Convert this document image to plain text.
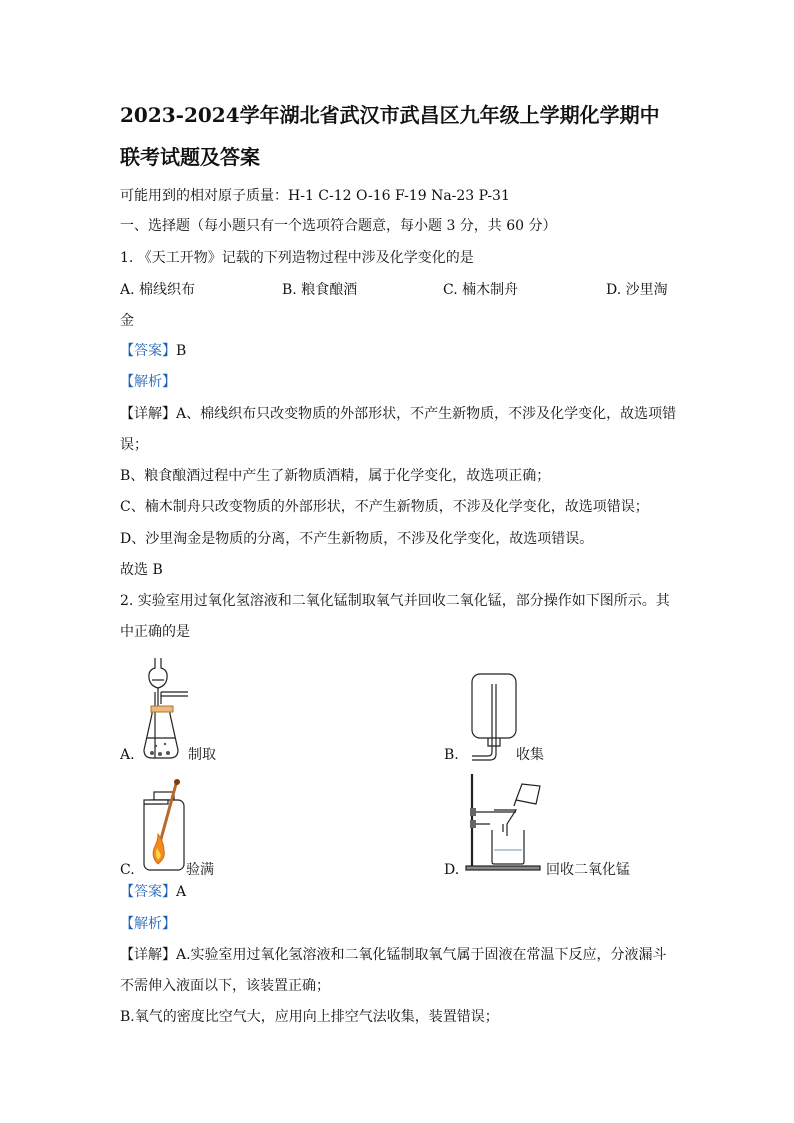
2023-2024学年湖北省武汉市武昌区九年级上学期化学期中
联考试题及答案
可能用到的相对原子质量：H-1 C-12 O-16 F-19 Na-23 P-31
一、选择题（每小题只有一个选项符合题意，每小题 3 分，共 60 分）
1. 《天工开物》记载的下列造物过程中涉及化学变化的是
A. 棉线织布	B. 粮食酿酒	C. 楠木制舟	D. 沙里淘
金
【答案】B
【解析】
【详解】A、棉线织布只改变物质的外部形状，不产生新物质，不涉及化学变化，故选项错
误；
B、粮食酿酒过程中产生了新物质酒精，属于化学变化，故选项正确；
C、楠木制舟只改变物质的外部形状，不产生新物质，不涉及化学变化，故选项错误；
D、沙里淘金是物质的分离，不产生新物质，不涉及化学变化，故选项错误。
故选 B
2. 实验室用过氧化氢溶液和二氧化锰制取氧气并回收二氧化锰，部分操作如下图所示。其
中正确的是
A.	制取	B.	收集
C.	验满	D.	回收二氧化锰
【答案】A
【解析】
【详解】A.实验室用过氧化氢溶液和二氧化锰制取氧气属于固液在常温下反应，分液漏斗
不需伸入液面以下，该装置正确；
B.氧气的密度比空气大，应用向上排空气法收集，装置错误；
